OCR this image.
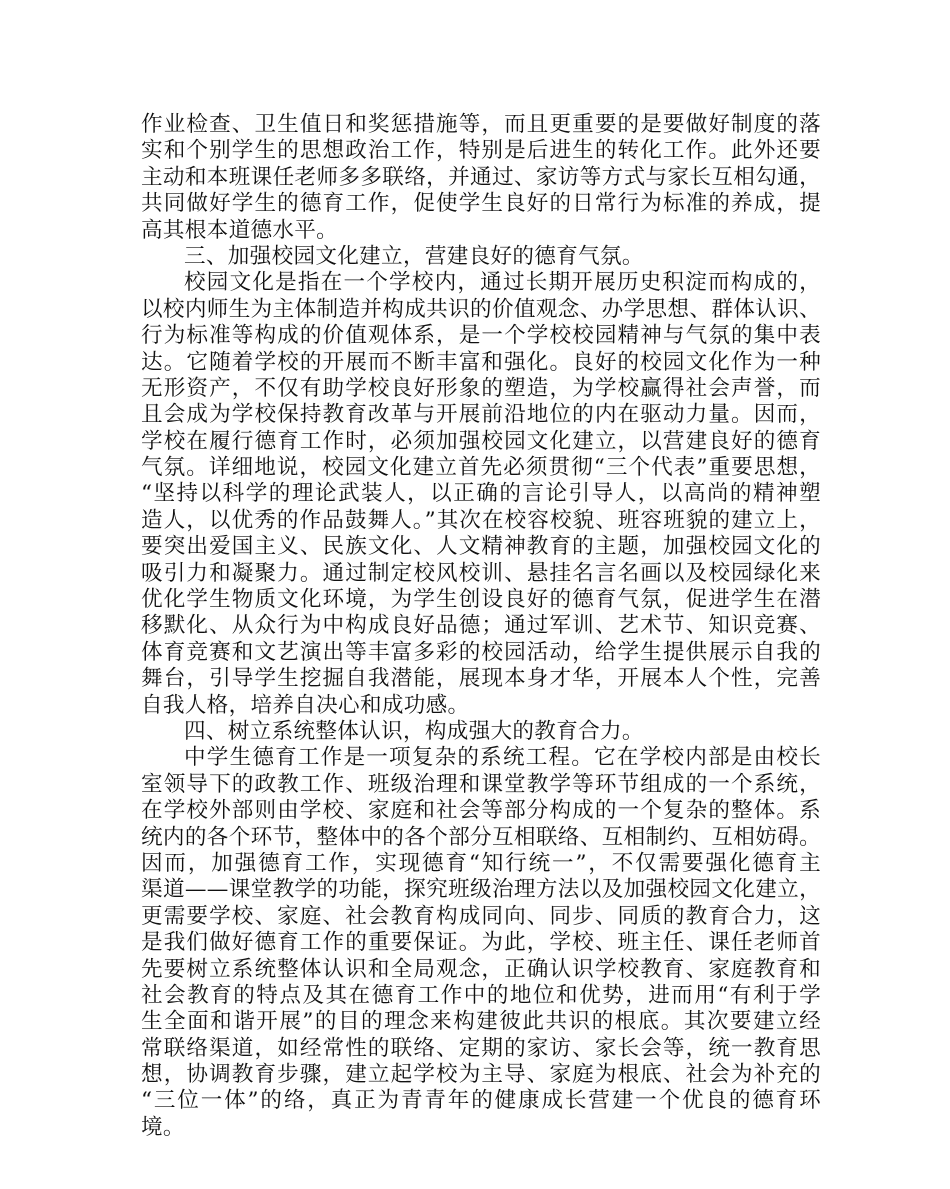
作业检查、卫生值日和奖惩措施等，而且更重要的是要做好制度的落
实和个别学生的思想政治工作，特别是后进生的转化工作。此外还要
主动和本班课任老师多多联络，并通过、家访等方式与家长互相勾通，
共同做好学生的德育工作，促使学生良好的日常行为标准的养成，提
高其根本道德水平。
三、加强校园文化建立，营建良好的德育气氛。
校园文化是指在一个学校内，通过长期开展历史积淀而构成的，
以校内师生为主体制造并构成共识的价值观念、办学思想、群体认识、
行为标准等构成的价值观体系，是一个学校校园精神与气氛的集中表
达。它随着学校的开展而不断丰富和强化。良好的校园文化作为一种
无形资产，不仅有助学校良好形象的塑造，为学校赢得社会声誉，而
且会成为学校保持教育改革与开展前沿地位的内在驱动力量。因而，
学校在履行德育工作时，必须加强校园文化建立，以营建良好的德育
气氛。详细地说，校园文化建立首先必须贯彻“三个代表”重要思想，
“坚持以科学的理论武装人，以正确的言论引导人，以高尚的精神塑
造人，以优秀的作品鼓舞人。”其次在校容校貌、班容班貌的建立上，
要突出爱国主义、民族文化、人文精神教育的主题，加强校园文化的
吸引力和凝聚力。通过制定校风校训、悬挂名言名画以及校园绿化来
优化学生物质文化环境，为学生创设良好的德育气氛，促进学生在潜
移默化、从众行为中构成良好品德；通过军训、艺术节、知识竞赛、
体育竞赛和文艺演出等丰富多彩的校园活动，给学生提供展示自我的
舞台，引导学生挖掘自我潜能，展现本身才华，开展本人个性，完善
自我人格，培养自决心和成功感。
四、树立系统整体认识，构成强大的教育合力。
中学生德育工作是一项复杂的系统工程。它在学校内部是由校长
室领导下的政教工作、班级治理和课堂教学等环节组成的一个系统，
在学校外部则由学校、家庭和社会等部分构成的一个复杂的整体。系
统内的各个环节，整体中的各个部分互相联络、互相制约、互相妨碍。
因而，加强德育工作，实现德育“知行统一”，不仅需要强化德育主
渠道——课堂教学的功能，探究班级治理方法以及加强校园文化建立，
更需要学校、家庭、社会教育构成同向、同步、同质的教育合力，这
是我们做好德育工作的重要保证。为此，学校、班主任、课任老师首
先要树立系统整体认识和全局观念，正确认识学校教育、家庭教育和
社会教育的特点及其在德育工作中的地位和优势，进而用“有利于学
生全面和谐开展”的目的理念来构建彼此共识的根底。其次要建立经
常联络渠道，如经常性的联络、定期的家访、家长会等，统一教育思
想，协调教育步骤，建立起学校为主导、家庭为根底、社会为补充的
“三位一体”的络，真正为青青年的健康成长营建一个优良的德育环
境。
